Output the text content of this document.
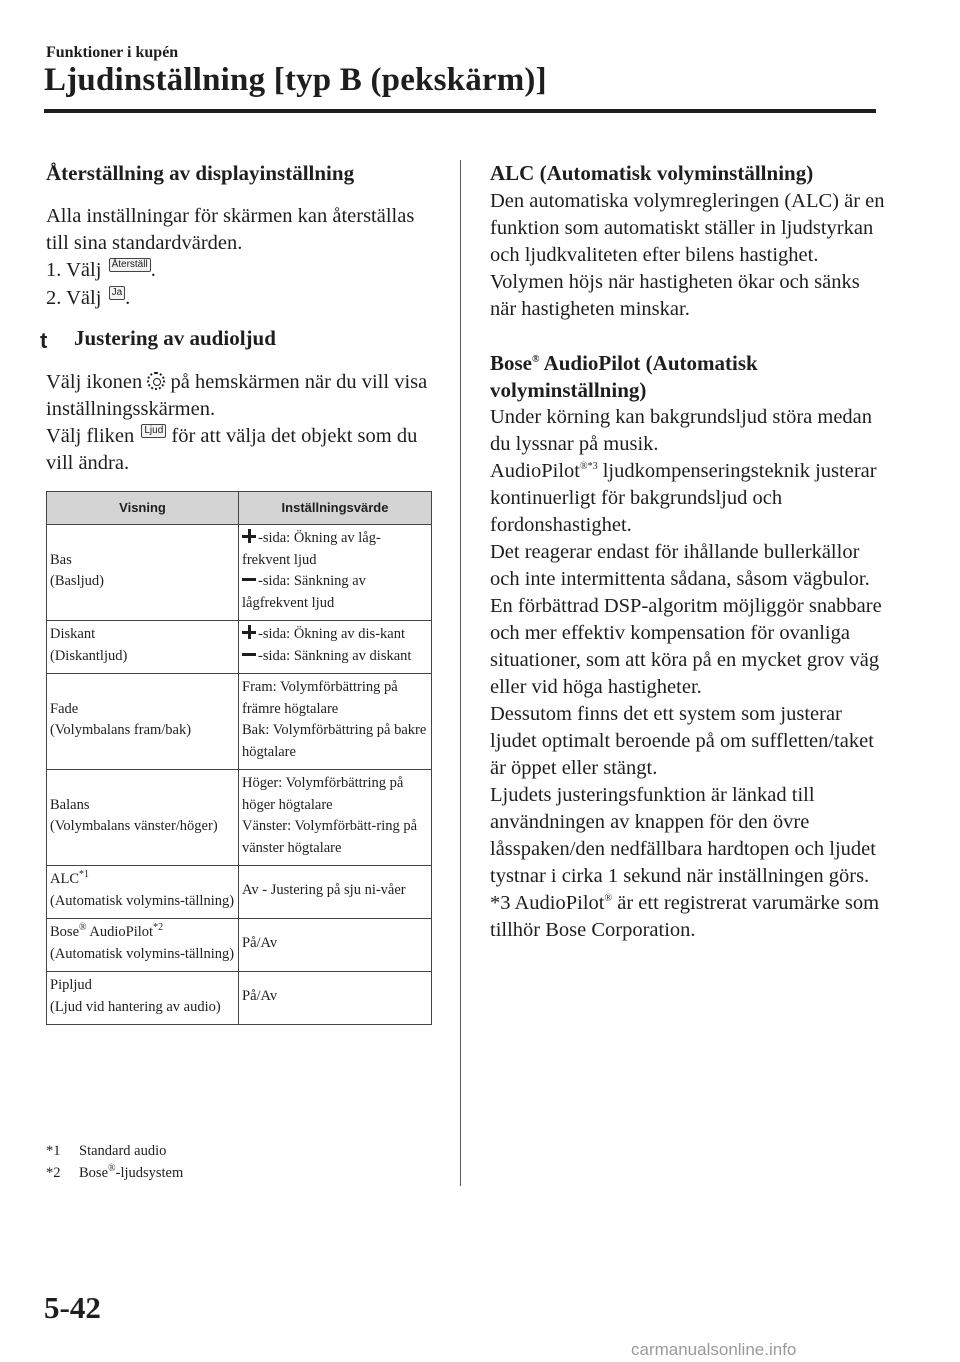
Funktioner i kupén
Ljudinställning [typ B (pekskärm)]
Återställning av displayinställning
Alla inställningar för skärmen kan återställas till sina standardvärden.
1. Välj Återställ .
2. Välj Ja .
t Justering av audioljud
Välj ikonen på hemskärmen när du vill visa inställningsskärmen.
Välj fliken Ljud för att välja det objekt som du vill ändra.
Visning	Inställningsvärde
Bas
(Basljud)	-sida: Ökning av låg-frekvent ljud
-sida: Sänkning av lågfrekvent ljud
Diskant
(Diskantljud)	-sida: Ökning av dis-kant
-sida: Sänkning av diskant
Fade
(Volymbalans fram/bak)	Fram: Volymförbättring på främre högtalare
Bak: Volymförbättring på bakre högtalare
Balans
(Volymbalans vänster/höger)	Höger: Volymförbättring på höger högtalare
Vänster: Volymförbätt-ring på vänster högtalare
ALC$^{*1}$
(Automatisk volymins-tällning)	Av - Justering på sju ni-våer
Bose® AudioPilot$^{*2}$
(Automatisk volymins-tällning)	På/Av
Pipljud
(Ljud vid hantering av audio)	På/Av
*1 Standard audio
*2 Bose®-ljudsystem
ALC (Automatisk volyminställning)
Den automatiska volymregleringen (ALC) är en funktion som automatiskt ställer in ljudstyrkan och ljudkvaliteten efter bilens hastighet. Volymen höjs när hastigheten ökar och sänks när hastigheten minskar.
Bose® AudioPilot (Automatisk volyminställning)
Under körning kan bakgrundsljud störa medan du lyssnar på musik.
AudioPilot$^{®*3}$ ljudkompenseringsteknik justerar kontinuerligt för bakgrundsljud och fordonshastighet.
Det reagerar endast för ihållande bullerkällor och inte intermittenta sådana, såsom vägbulor.
En förbättrad DSP-algoritm möjliggör snabbare och mer effektiv kompensation för ovanliga situationer, som att köra på en mycket grov väg eller vid höga hastigheter.
Dessutom finns det ett system som justerar ljudet optimalt beroende på om suffletten/taket är öppet eller stängt.
Ljudets justeringsfunktion är länkad till användningen av knappen för den övre låsspaken/den nedfällbara hardtopen och ljudet tystnar i cirka 1 sekund när inställningen görs.
*3 AudioPilot® är ett registrerat varumärke som tillhör Bose Corporation.
5-42
carmanualsonline.info
